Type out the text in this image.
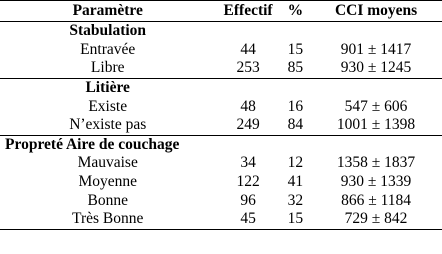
Paramètre	Effectif	%	CCI moyens
Stabulation			
Entravée	44	15	901 ± 1417
Libre	253	85	930 ± 1245
Litière			
Existe	48	16	547 ± 606
N’existe pas	249	84	1001 ± 1398
Propreté Aire de couchage			
Mauvaise	34	12	1358 ± 1837
Moyenne	122	41	930 ± 1339
Bonne	96	32	866 ± 1184
Très Bonne	45	15	729 ± 842
